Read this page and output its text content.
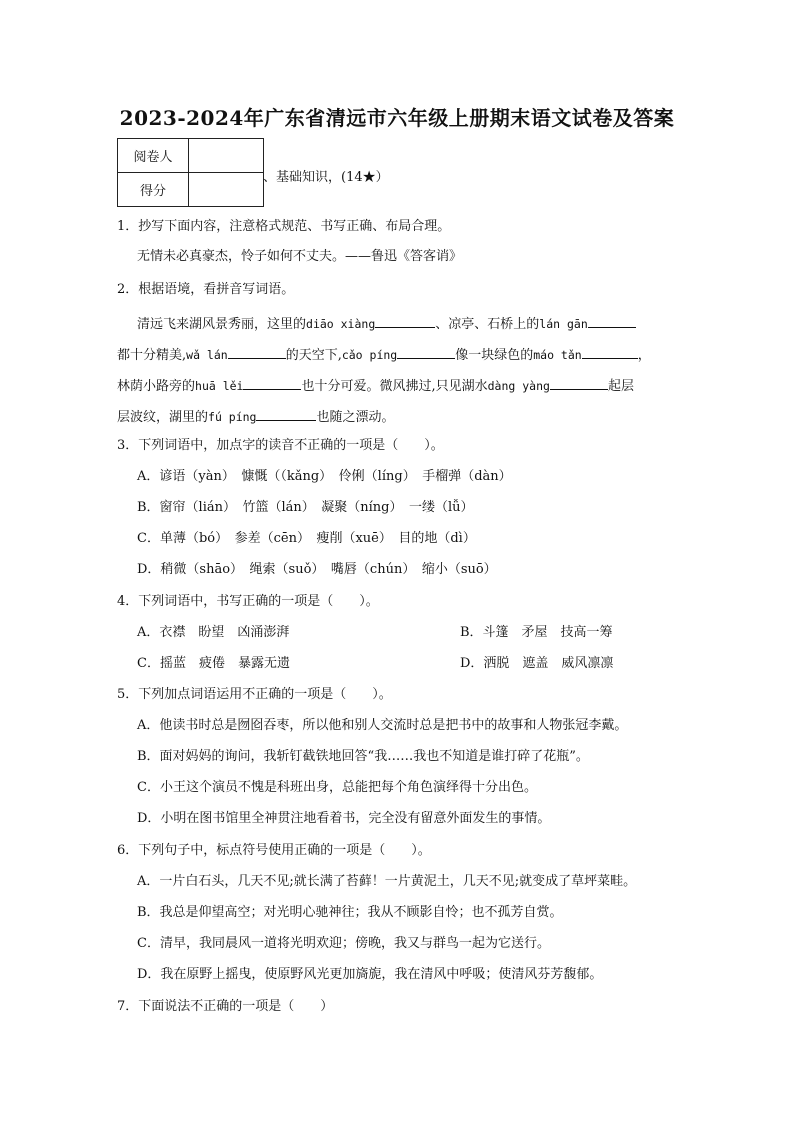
2023-2024年广东省清远市六年级上册期末语文试卷及答案
阅卷人	
得分	
、基础知识，(14★）
1．抄写下面内容，注意格式规范、书写正确、布局合理。
无情未必真豪杰，怜子如何不丈夫。——鲁迅《答客诮》
2．根据语境，看拼音写词语。
清远飞来湖风景秀丽，这里的diāo xiàng	、凉亭、石桥上的lán gān
都十分精美,wǎ lán	的天空下,cǎo píng	像一块绿色的máo tǎn	，
林荫小路旁的huā lěi	也十分可爱。微风拂过,只见湖水dàng yàng	起层
层波纹，湖里的fú píng	也随之漂动。
3．下列词语中，加点字的读音不正确的一项是（　　）。
A．谚语（yàn）　慷慨（（kǎng）　伶俐（líng）　手榴弹（dàn）
B．窗帘（lián）　竹篮（lán）　凝聚（níng）　一缕（lǚ）
C．单薄（bó）　参差（cēn）　瘦削（xuē）　目的地（dì）
D．稍微（shāo）　绳索（suǒ）　嘴唇（chún）　缩小（suō）
4．下列词语中，书写正确的一项是（　　）。
A．衣襟　盼望　凶涌澎湃	B．斗篷　矛屋　技高一筹
C．摇蓝　疲倦　暴露无遗	D．洒脱　遮盖　威风凛凛
5．下列加点词语运用不正确的一项是（　　）。
A．他读书时总是囫囵吞枣，所以他和别人交流时总是把书中的故事和人物张冠李戴。
B．面对妈妈的询问，我斩钉截铁地回答“我……我也不知道是谁打碎了花瓶”。
C．小王这个演员不愧是科班出身，总能把每个角色演绎得十分出色。
D．小明在图书馆里全神贯注地看着书，完全没有留意外面发生的事情。
6．下列句子中，标点符号使用正确的一项是（　　）。
A．一片白石头，几天不见;就长满了苔藓！一片黄泥土，几天不见;就变成了草坪菜畦。
B．我总是仰望高空；对光明心驰神往；我从不顾影自怜；也不孤芳自赏。
C．清早，我同晨风一道将光明欢迎；傍晚，我又与群鸟一起为它送行。
D．我在原野上摇曳，使原野风光更加旖旎，我在清风中呼吸；使清风芬芳馥郁。
7．下面说法不正确的一项是（　　）
